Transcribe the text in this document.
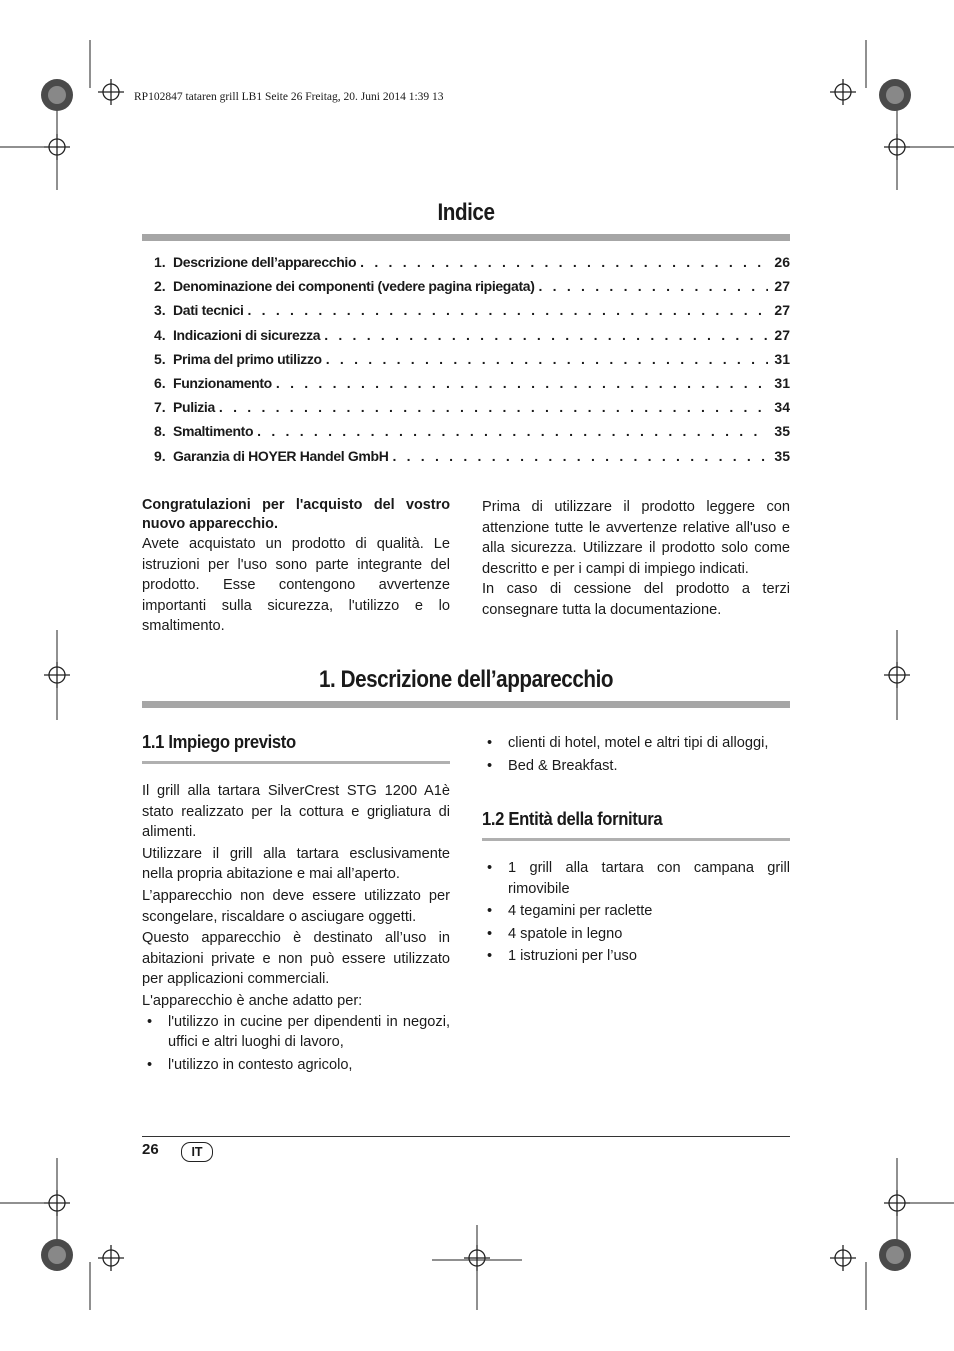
RP102847 tataren grill LB1 Seite 26 Freitag, 20. Juni 2014 1:39 13
Indice
1. Descrizione dell’apparecchio . . .	26
2. Denominazione dei componenti (vedere pagina ripiegata) . . .	27
3. Dati tecnici . . .	27
4. Indicazioni di sicurezza . . .	27
5. Prima del primo utilizzo . . .	31
6. Funzionamento . . .	31
7. Pulizia . . .	34
8. Smaltimento . . .	35
9. Garanzia di HOYER Handel GmbH . . .	35

Congratulazioni per l'acquisto del vostro nuovo apparecchio.

Avete acquistato un prodotto di qualità. Le istruzioni per l'uso sono parte integrante del prodotto. Esse contengono avvertenze importanti sulla sicurezza, l'utilizzo e lo smaltimento.

Prima di utilizzare il prodotto leggere con attenzione tutte le avvertenze relative all'uso e alla sicurezza. Utilizzare il prodotto solo come descritto e per i campi di impiego indicati.

In caso di cessione del prodotto a terzi consegnare tutta la documentazione.

1. Descrizione dell’apparecchio
1.1 Impiego previsto

Il grill alla tartara SilverCrest STG 1200 A1è stato realizzato per la cottura e grigliatura di alimenti.

Utilizzare il grill alla tartara esclusivamente nella propria abitazione e mai all’aperto.

L’apparecchio non deve essere utilizzato per scongelare, riscaldare o asciugare oggetti.

Questo apparecchio è destinato all’uso in abitazioni private e non può essere utilizzato per applicazioni commerciali.

L'apparecchio è anche adatto per:

• l'utilizzo in cucine per dipendenti in negozi, uffici e altri luoghi di lavoro,
• l'utilizzo in contesto agricolo,
• clienti di hotel, motel e altri tipi di alloggi,
• Bed & Breakfast.
1.2 Entità della fornitura
• 1 grill alla tartara con campana grill rimovibile
• 4 tegamini per raclette
• 4 spatole in legno
• 1 istruzioni per l’uso
26	IT
